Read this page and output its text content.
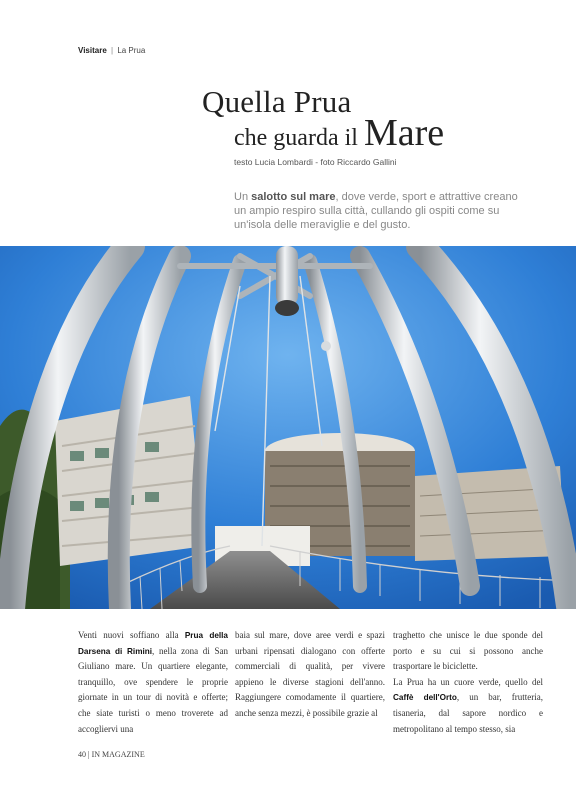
Visitare | La Prua
Quella Prua
che guarda il Mare
testo Lucia Lombardi - foto Riccardo Gallini
Un salotto sul mare, dove verde, sport e attrattive creano un ampio respiro sulla città, cullando gli ospiti come su un'isola delle meraviglie e del gusto.

Venti nuovi soffiano alla Prua della Darsena di Rimini, nella zona di San Giuliano mare. Un quartiere elegante, tranquillo, ove spendere le proprie giornate in un tour di novità e offerte; che siate turisti o meno troverete ad accogliervi una

baia sul mare, dove aree verdi e spazi urbani ripensati dialogano con offerte commerciali di qualità, per vivere appieno le diverse stagioni dell'anno. Raggiungere comodamente il quartiere, anche senza mezzi, è possibile grazie al

traghetto che unisce le due sponde del porto e su cui si possono anche trasportare le biciclette.

La Prua ha un cuore verde, quello del Caffè dell'Orto, un bar, frutteria, tisaneria, dal sapore nordico e metropolitano al tempo stesso, sia

40 | IN MAGAZINE
